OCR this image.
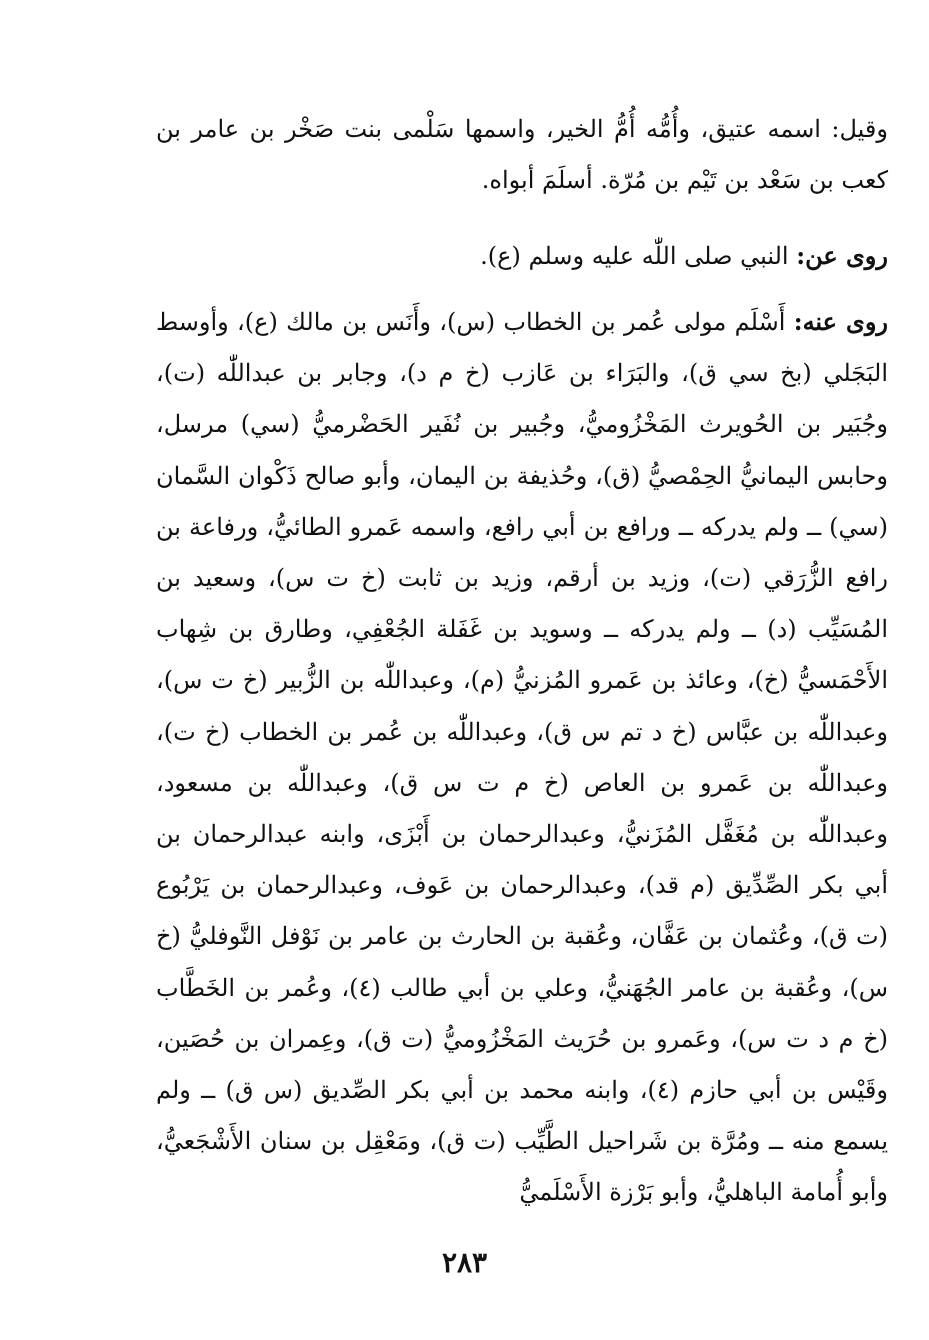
وقيل: اسمه عتيق، وأُمُّه أُمُّ الخير، واسمها سَلْمى بنت صَخْر بن عامر بن كعب بن سَعْد بن تَيْم بن مُرّة. أسلَمَ أبواه.

روى عن: النبي صلى اللّٰه عليه وسلم (ع).

روى عنه: أَسْلَم مولى عُمر بن الخطاب (س)، وأَنَس بن مالك (ع)، وأوسط البَجَلي (بخ سي ق)، والبَرَاء بن عَازب (خ م د)، وجابر بن عبداللّٰه (ت)، وجُبَير بن الحُويرث المَخْزُوميُّ، وجُبير بن نُفَير الحَضْرميُّ (سي) مرسل، وحابس اليمانيُّ الحِمْصيُّ (ق)، وحُذيفة بن اليمان، وأبو صالح ذَكْوان السَّمان (سي) ــ ولم يدركه ــ ورافع بن أبي رافع، واسمه عَمرو الطائيُّ، ورفاعة بن رافع الزُّرَقي (ت)، وزيد بن أرقم، وزيد بن ثابت (خ ت س)، وسعيد بن المُسَيِّب (د) ــ ولم يدركه ــ وسويد بن غَفَلة الجُعْفِي، وطارق بن شِهاب الأَحْمَسيُّ (خ)، وعائذ بن عَمرو المُزنيُّ (م)، وعبداللّٰه بن الزُّبير (خ ت س)، وعبداللّٰه بن عبَّاس (خ د تم س ق)، وعبداللّٰه بن عُمر بن الخطاب (خ ت)، وعبداللّٰه بن عَمرو بن العاص (خ م ت س ق)، وعبداللّٰه بن مسعود، وعبداللّٰه بن مُغَفَّل المُزَنيُّ، وعبدالرحمان بن أَبْزَى، وابنه عبدالرحمان بن أبي بكر الصِّدِّيق (م قد)، وعبدالرحمان بن عَوف، وعبدالرحمان بن يَرْبُوع (ت ق)، وعُثمان بن عَفَّان، وعُقبة بن الحارث بن عامر بن نَوْفل النَّوفليُّ (خ س)، وعُقبة بن عامر الجُهَنيُّ، وعلي بن أبي طالب (٤)، وعُمر بن الخَطَّاب (خ م د ت س)، وعَمرو بن حُرَيث المَخْزُوميُّ (ت ق)، وعِمران بن حُصَين، وقَيْس بن أبي حازم (٤)، وابنه محمد بن أبي بكر الصِّديق (س ق) ــ ولم يسمع منه ــ ومُرَّة بن شَراحيل الطَّيِّب (ت ق)، ومَعْقِل بن سنان الأَشْجَعيُّ، وأبو أُمامة الباهليُّ، وأبو بَرْزة الأَسْلَميُّ

٢٨٣
